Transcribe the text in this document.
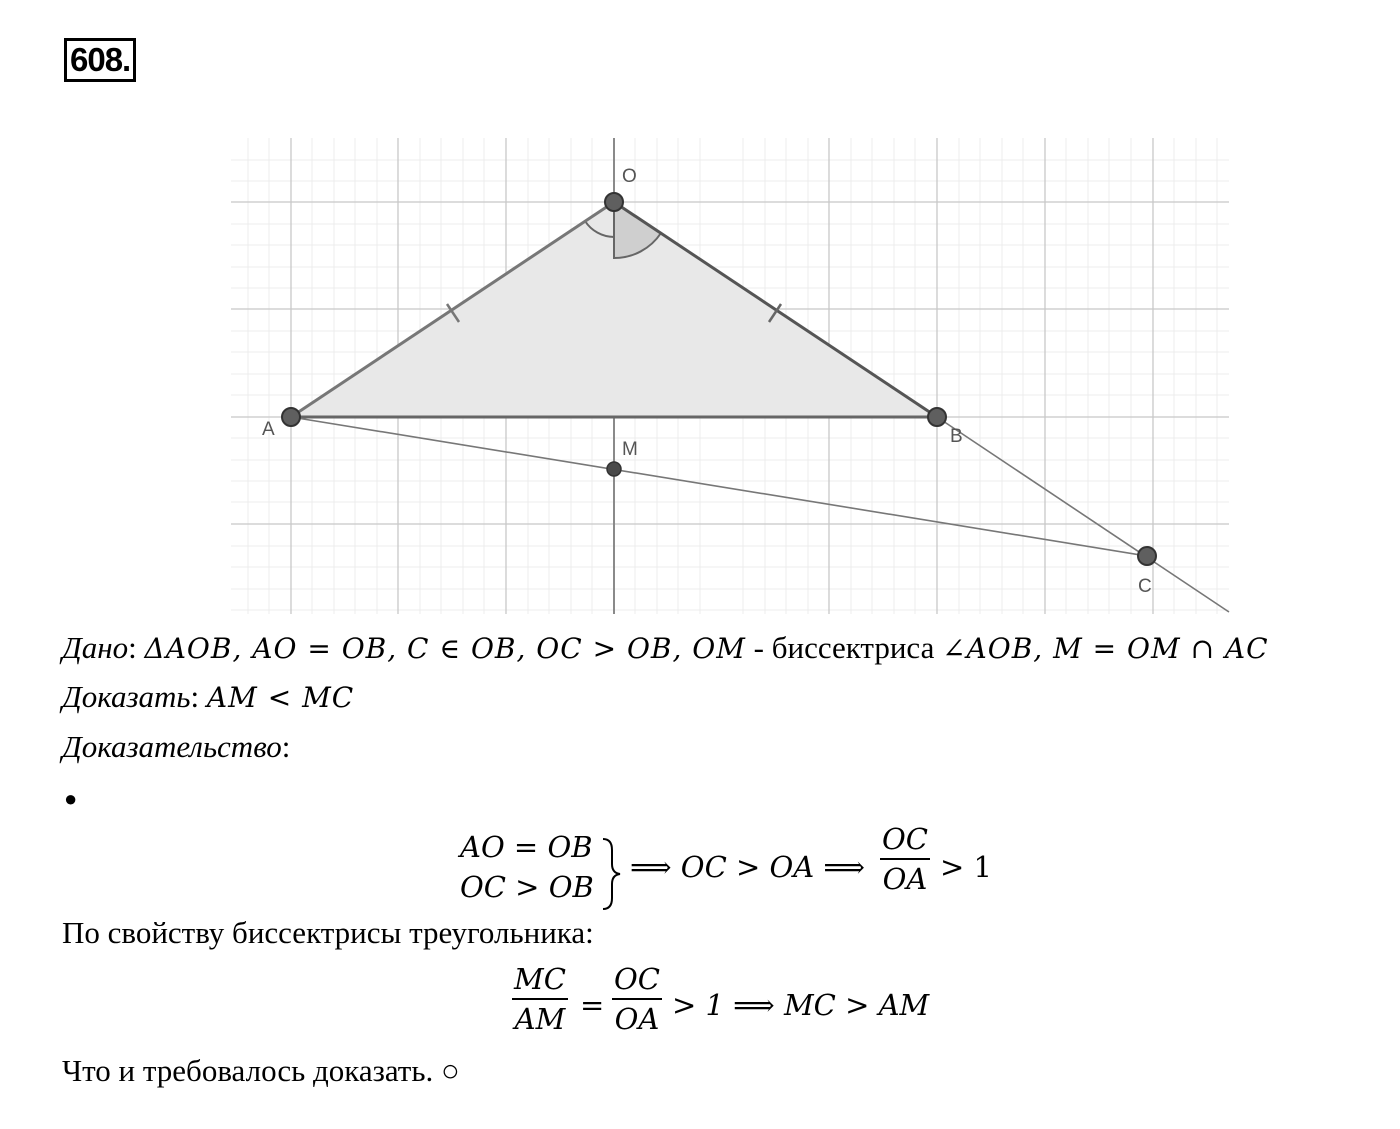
608.
O
A	B
M
C
Дано: ΔAOB, AO = OB, C ∈ OB, OC > OB, OM - биссектриса ∠AOB, M = OM ∩ AC
Доказать: AM < MC
Доказательство:
●
AO = OB
OC > OB
⟹ OC > OA ⟹ $\frac{OC}{OA} > 1$
По свойству биссектрисы треугольника:
$\frac{MC}{AM} = \frac{OC}{OA} > 1$ ⟹ MC > AM
Что и требовалось доказать. ○
